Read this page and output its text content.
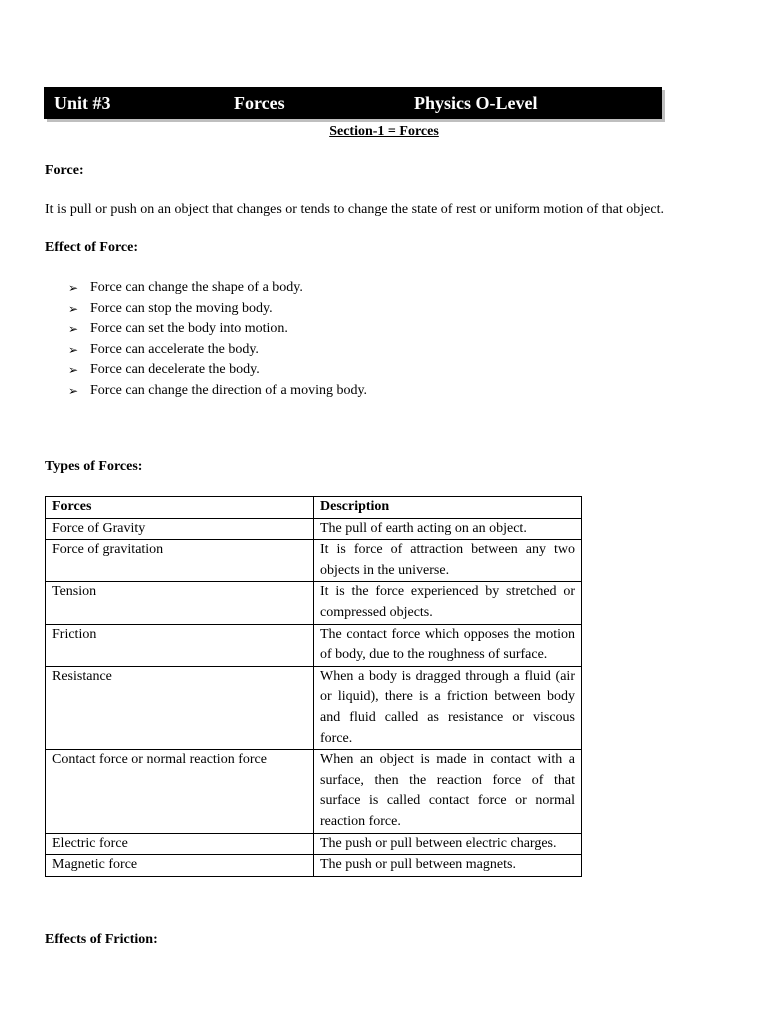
Unit #3	Forces	Physics O-Level
Section-1 = Forces
Force:
It is pull or push on an object that changes or tends to change the state of rest or uniform motion of that object.
Effect of Force:
➢ Force can change the shape of a body.
➢ Force can stop the moving body.
➢ Force can set the body into motion.
➢ Force can accelerate the body.
➢ Force can decelerate the body.
➢ Force can change the direction of a moving body.
Types of Forces:
Forces	Description
Force of Gravity	The pull of earth acting on an object.
Force of gravitation	It is force of attraction between any two objects in the universe.
Tension	It is the force experienced by stretched or compressed objects.
Friction	The contact force which opposes the motion of body, due to the roughness of surface.
Resistance	When a body is dragged through a fluid (air or liquid), there is a friction between body and fluid called as resistance or viscous force.
Contact force or normal reaction force	When an object is made in contact with a surface, then the reaction force of that surface is called contact force or normal reaction force.
Electric force	The push or pull between electric charges.
Magnetic force	The push or pull between magnets.
Effects of Friction:
